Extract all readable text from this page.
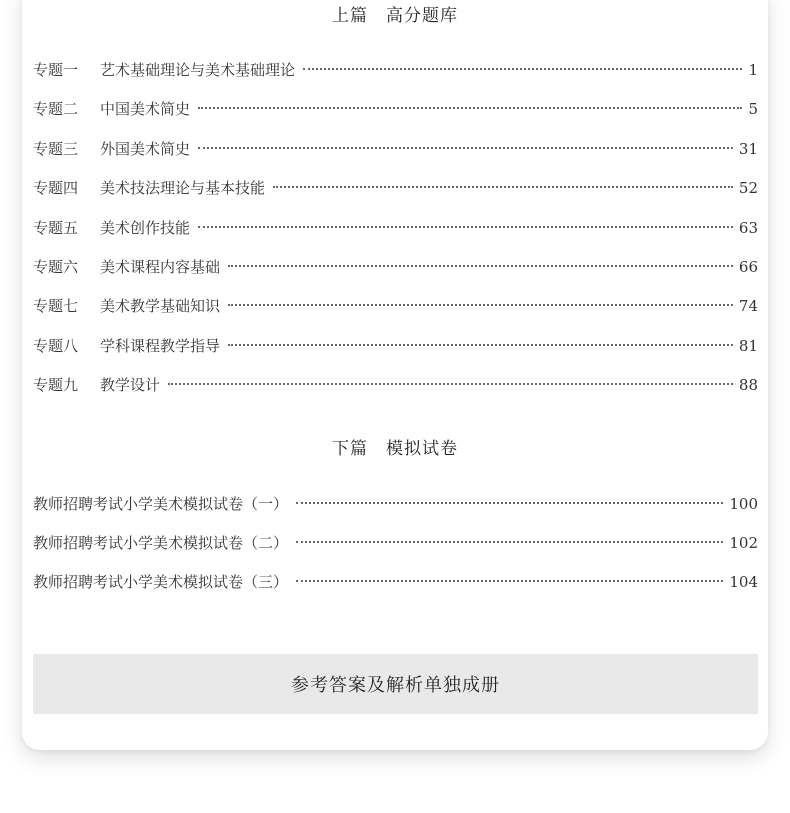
上篇　高分题库
专题一	艺术基础理论与美术基础理论	1
专题二	中国美术简史	5
专题三	外国美术简史	31
专题四	美术技法理论与基本技能	52
专题五	美术创作技能	63
专题六	美术课程内容基础	66
专题七	美术教学基础知识	74
专题八	学科课程教学指导	81
专题九	教学设计	88
下篇　模拟试卷
教师招聘考试小学美术模拟试卷（一）	100
教师招聘考试小学美术模拟试卷（二）	102
教师招聘考试小学美术模拟试卷（三）	104
参考答案及解析单独成册
